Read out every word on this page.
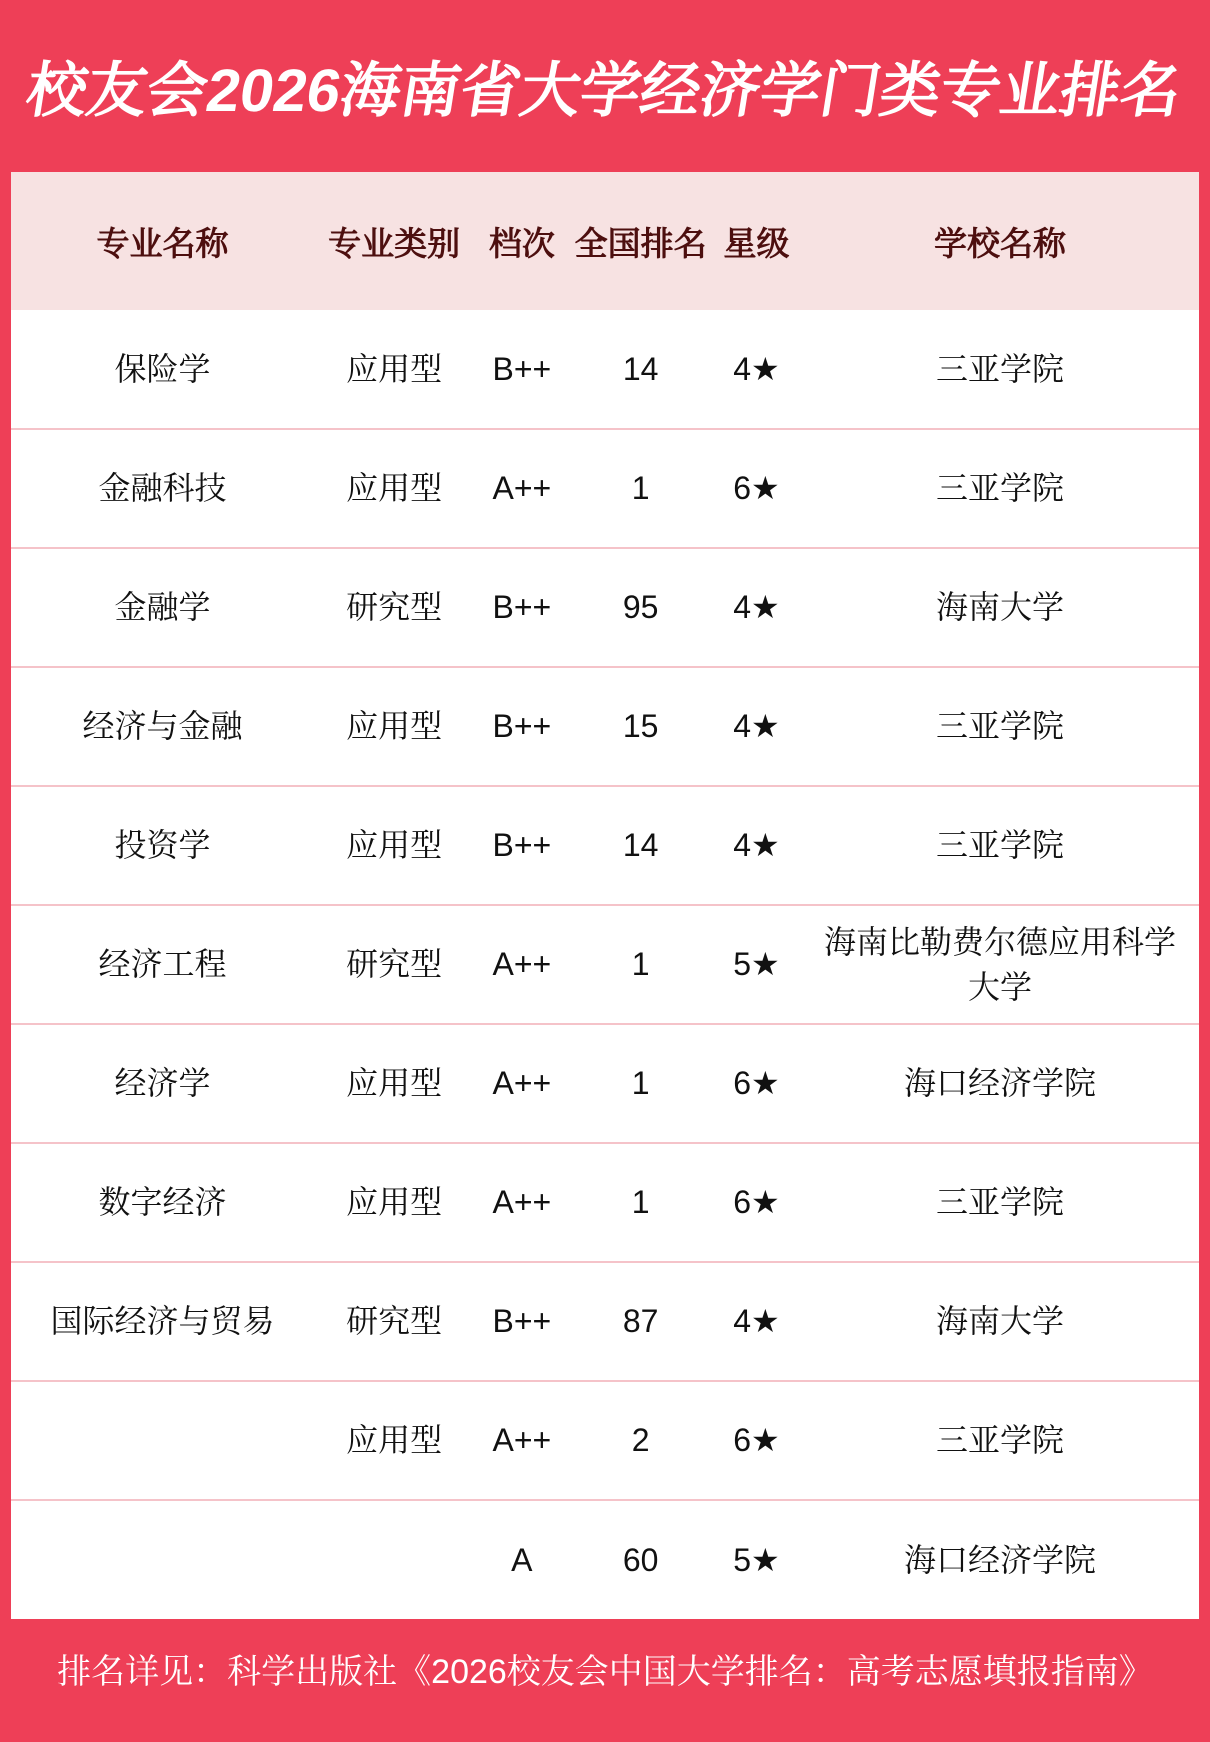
校友会2026海南省大学经济学门类专业排名
专业名称	专业类别	档次	全国排名	星级	学校名称
保险学	应用型	B++	14	4★	三亚学院
金融科技	应用型	A++	1	6★	三亚学院
金融学	研究型	B++	95	4★	海南大学
经济与金融	应用型	B++	15	4★	三亚学院
投资学	应用型	B++	14	4★	三亚学院
经济工程	研究型	A++	1	5★	海南比勒费尔德应用科学大学
经济学	应用型	A++	1	6★	海口经济学院
数字经济	应用型	A++	1	6★	三亚学院
国际经济与贸易	研究型	B++	87	4★	海南大学
	应用型	A++	2	6★	三亚学院
		A	60	5★	海口经济学院

排名详见：科学出版社《2026校友会中国大学排名：高考志愿填报指南》
